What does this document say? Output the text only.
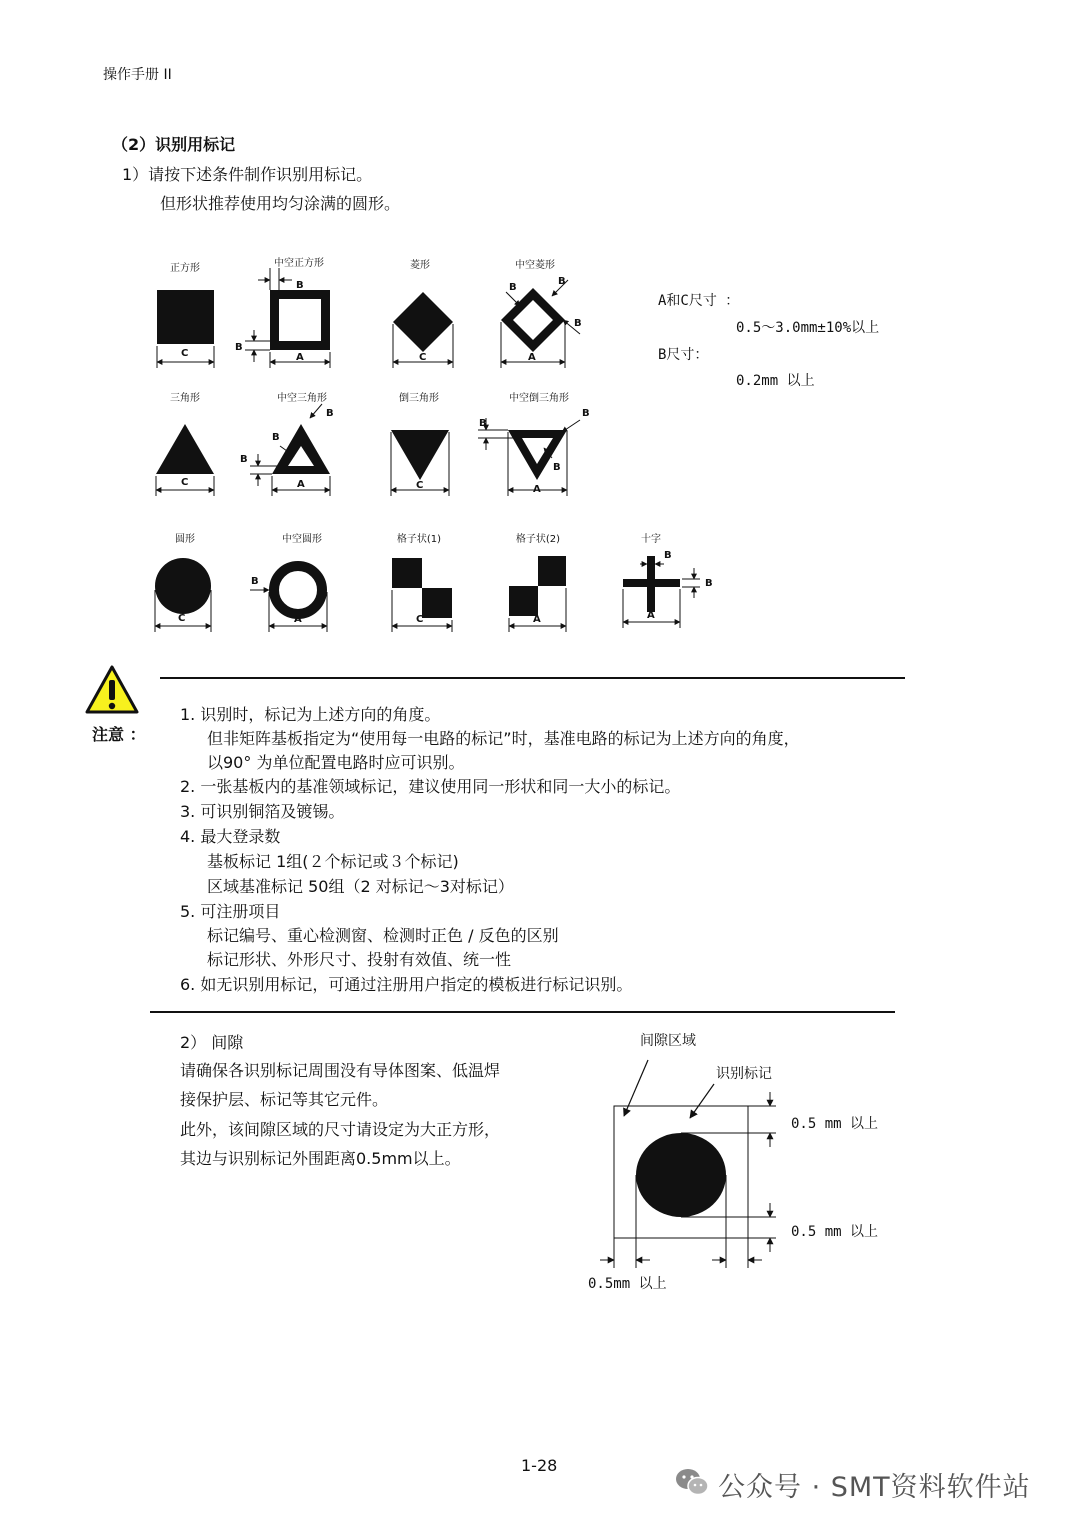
操作手册 II
（2）识别用标记
1）请按下述条件制作识别用标记。
但形状推荐使用均匀涂满的圆形。
正方形	中空正方形	菱形	中空菱形
三角形	中空三角形	倒三角形	中空倒三角形
圆形	中空圆形	格子状(1)	格子状(2)	十字
C
B
B
A	C
B
B
B
A
C
B
B
B
A	C
B
B
B
A
C
B
A	C	A
B
B
A
A和C尺寸 ：
0.5～3.0mm±10%以上
B尺寸：
0.2mm 以上
注意 ：
1. 识别时，标记为上述方向的角度。
但非矩阵基板指定为“使用每一电路的标记”时，基准电路的标记为上述方向的角度，
以90° 为单位配置电路时应可识别。
2. 一张基板内的基准领域标记，建议使用同一形状和同一大小的标记。
3. 可识别铜箔及镀锡。
4. 最大登录数
基板标记 1组(２个标记或３个标记)
区域基准标记 50组（2 对标记～3对标记）
5. 可注册项目
标记编号、重心检测窗、检测时正色 / 反色的区别
标记形状、外形尺寸、投射有效值、统一性
6. 如无识别用标记，可通过注册用户指定的模板进行标记识别。
2） 间隙
请确保各识别标记周围没有导体图案、低温焊
接保护层、标记等其它元件。
此外，该间隙区域的尺寸请设定为大正方形，
其边与识别标记外围距离0.5mm以上。
间隙区域
识别标记
0.5 mm 以上
0.5 mm 以上
0.5mm 以上
1-28
公众号 · SMT资料软件站
